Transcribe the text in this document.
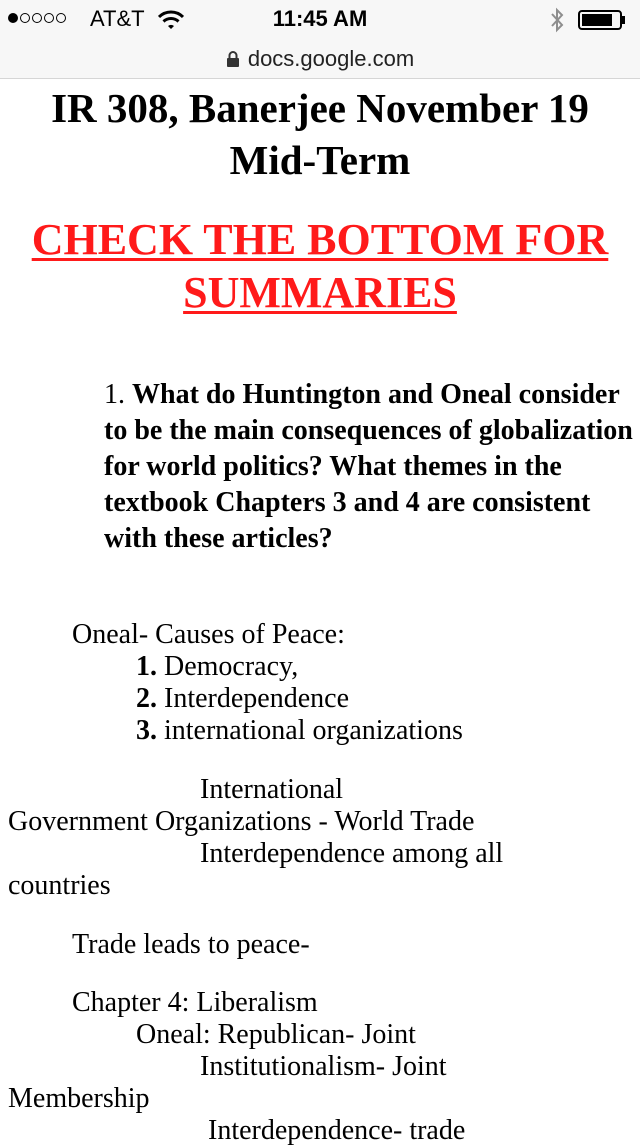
AT&T	11:45 AM
docs.google.com
IR 308, Banerjee November 19 Mid-Term
CHECK THE BOTTOM FOR SUMMARIES
1. What do Huntington and Oneal consider to be the main consequences of globalization for world politics? What themes in the textbook Chapters 3 and 4 are consistent with these articles?
Oneal- Causes of Peace:
1. Democracy,
2. Interdependence
3. international organizations
International
Government Organizations - World Trade
Interdependence among all
countries
Trade leads to peace-
Chapter 4: Liberalism
Oneal: Republican- Joint
Institutionalism- Joint
Membership
Interdependence- trade
